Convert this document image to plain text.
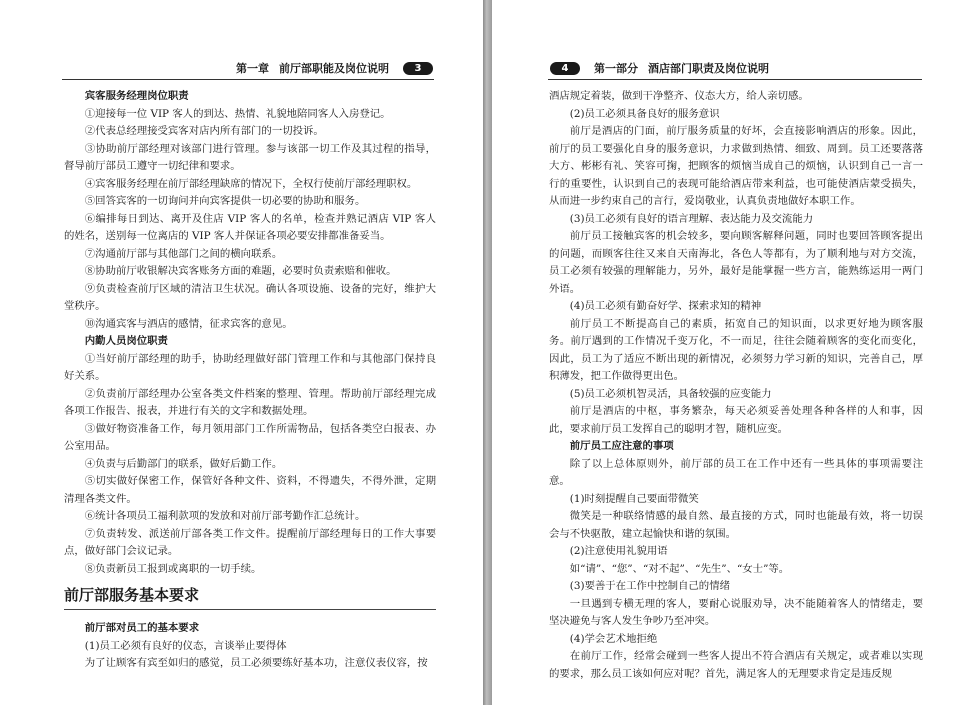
第一章 前厅部职能及岗位说明	3

宾客服务经理岗位职责

①迎接每一位 VIP 客人的到达、热情、礼貌地陪同客人入房登记。

②代表总经理接受宾客对店内所有部门的一切投诉。

③协助前厅部经理对该部门进行管理。参与该部一切工作及其过程的指导，督导前厅部员工遵守一切纪律和要求。

④宾客服务经理在前厅部经理缺席的情况下，全权行使前厅部经理职权。

⑤回答宾客的一切询问并向宾客提供一切必要的协助和服务。

⑥编排每日到达、离开及住店 VIP 客人的名单，检查并熟记酒店 VIP 客人的姓名，送别每一位离店的 VIP 客人并保证各项必要安排都准备妥当。

⑦沟通前厅部与其他部门之间的横向联系。

⑧协助前厅收银解决宾客账务方面的难题，必要时负责索赔和催收。

⑨负责检查前厅区域的清洁卫生状况。确认各项设施、设备的完好，维护大堂秩序。

⑩沟通宾客与酒店的感情，征求宾客的意见。

内勤人员岗位职责

①当好前厅部经理的助手，协助经理做好部门管理工作和与其他部门保持良好关系。

②负责前厅部经理办公室各类文件档案的整理、管理。帮助前厅部经理完成各项工作报告、报表，并进行有关的文字和数据处理。

③做好物资准备工作，每月领用部门工作所需物品，包括各类空白报表、办公室用品。

④负责与后勤部门的联系，做好后勤工作。

⑤切实做好保密工作，保管好各种文件、资料，不得遗失，不得外泄，定期清理各类文件。

⑥统计各项员工福利款项的发放和对前厅部考勤作汇总统计。

⑦负责转发、派送前厅部各类工作文件。提醒前厅部经理每日的工作大事要点，做好部门会议记录。

⑧负责新员工报到或离职的一切手续。

前厅部服务基本要求

前厅部对员工的基本要求

(1)员工必须有良好的仪态，言谈举止要得体

为了让顾客有宾至如归的感觉，员工必须要练好基本功，注意仪表仪容，按

4	第一部分 酒店部门职责及岗位说明

酒店规定着装，做到干净整齐、仪态大方，给人亲切感。

(2)员工必须具备良好的服务意识

前厅是酒店的门面，前厅服务质量的好坏，会直接影响酒店的形象。因此，前厅的员工要强化自身的服务意识，力求做到热情、细致、周到。员工还要落落大方、彬彬有礼、笑容可掬，把顾客的烦恼当成自己的烦恼，认识到自己一言一行的重要性，认识到自己的表现可能给酒店带来利益，也可能使酒店蒙受损失，从而进一步约束自己的言行，爱岗敬业，认真负责地做好本职工作。

(3)员工必须有良好的语言理解、表达能力及交流能力

前厅员工接触宾客的机会较多，要向顾客解释问题，同时也要回答顾客提出的问题，而顾客往往又来自天南海北，各色人等都有，为了顺利地与对方交流，员工必须有较强的理解能力，另外，最好是能掌握一些方言，能熟练运用一两门外语。

(4)员工必须有勤奋好学、探索求知的精神

前厅员工不断提高自己的素质，拓宽自己的知识面，以求更好地为顾客服务。前厅遇到的工作情况千变万化，不一而足，往往会随着顾客的变化而变化，因此，员工为了适应不断出现的新情况，必须努力学习新的知识，完善自己，厚积薄发，把工作做得更出色。

(5)员工必须机智灵活，具备较强的应变能力

前厅是酒店的中枢，事务繁杂，每天必须妥善处理各种各样的人和事，因此，要求前厅员工发挥自己的聪明才智，随机应变。

前厅员工应注意的事项

除了以上总体原则外，前厅部的员工在工作中还有一些具体的事项需要注意。

(1)时刻提醒自己要面带微笑

微笑是一种联络情感的最自然、最直接的方式，同时也能最有效，将一切误会与不快驱散，建立起愉快和谐的氛围。

(2)注意使用礼貌用语

如“请”、“您”、“对不起”、“先生”、“女士”等。

(3)要善于在工作中控制自己的情绪

一旦遇到专横无理的客人，要耐心说服劝导，决不能随着客人的情绪走，要坚决避免与客人发生争吵乃至冲突。

(4)学会艺术地拒绝

在前厅工作，经常会碰到一些客人提出不符合酒店有关规定，或者难以实现的要求，那么员工该如何应对呢？首先，满足客人的无理要求肯定是违反规
